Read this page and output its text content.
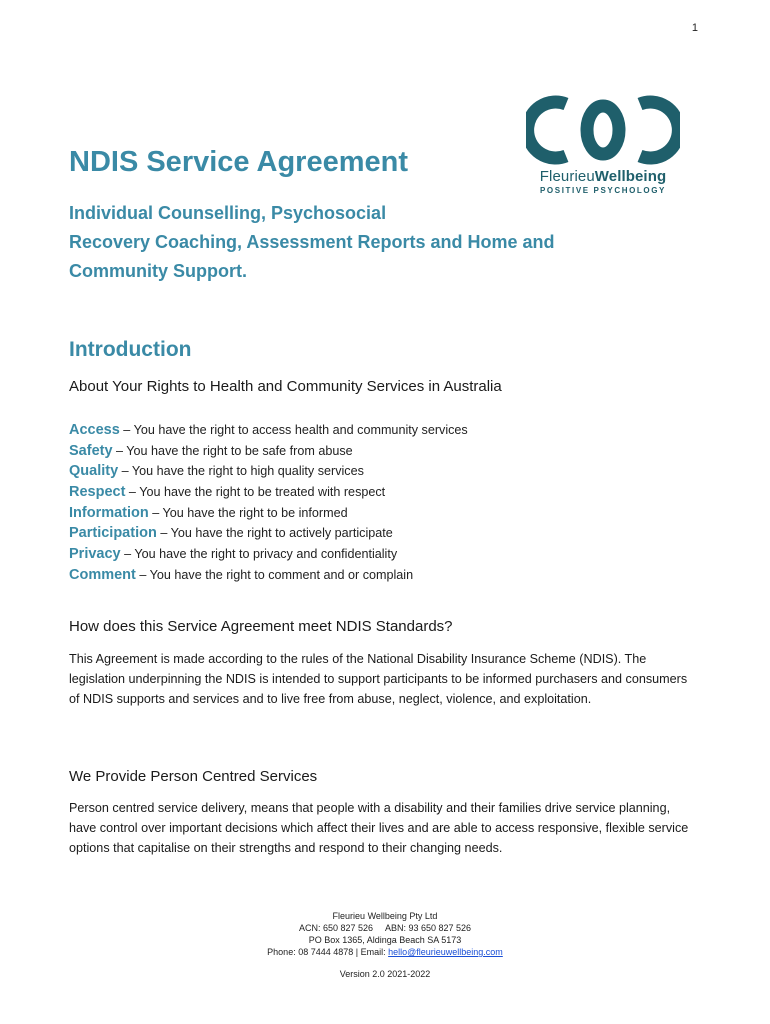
1
FleurieuWellbeing
POSITIVE PSYCHOLOGY
NDIS Service Agreement
Individual Counselling, Psychosocial
Recovery Coaching, Assessment Reports and Home and
Community Support.
Introduction
About Your Rights to Health and Community Services in Australia
Access – You have the right to access health and community services
Safety – You have the right to be safe from abuse
Quality – You have the right to high quality services
Respect – You have the right to be treated with respect
Information – You have the right to be informed
Participation – You have the right to actively participate
Privacy – You have the right to privacy and confidentiality
Comment – You have the right to comment and or complain
How does this Service Agreement meet NDIS Standards?

This Agreement is made according to the rules of the National Disability Insurance Scheme (NDIS). The legislation underpinning the NDIS is intended to support participants to be informed purchasers and consumers of NDIS supports and services and to live free from abuse, neglect, violence, and exploitation.

We Provide Person Centred Services

Person centred service delivery, means that people with a disability and their families drive service planning, have control over important decisions which affect their lives and are able to access responsive, flexible service options that capitalise on their strengths and respond to their changing needs.

Fleurieu Wellbeing Pty Ltd
ACN: 650 827 526     ABN: 93 650 827 526
PO Box 1365, Aldinga Beach SA 5173
Phone: 08 7444 4878 | Email: hello@fleurieuwellbeing.com
Version 2.0 2021-2022
